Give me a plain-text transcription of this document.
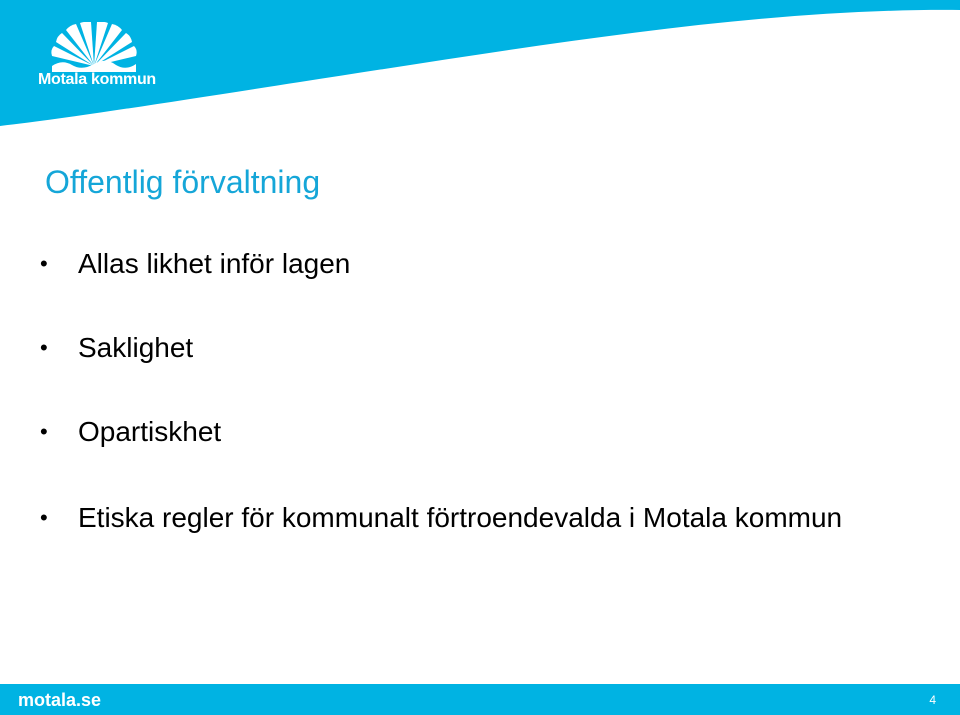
Motala kommun
Offentlig förvaltning
•	Allas likhet inför lagen
•	Saklighet
•	Opartiskhet
•	Etiska regler för kommunalt förtroendevalda i Motala kommun
motala.se	4
